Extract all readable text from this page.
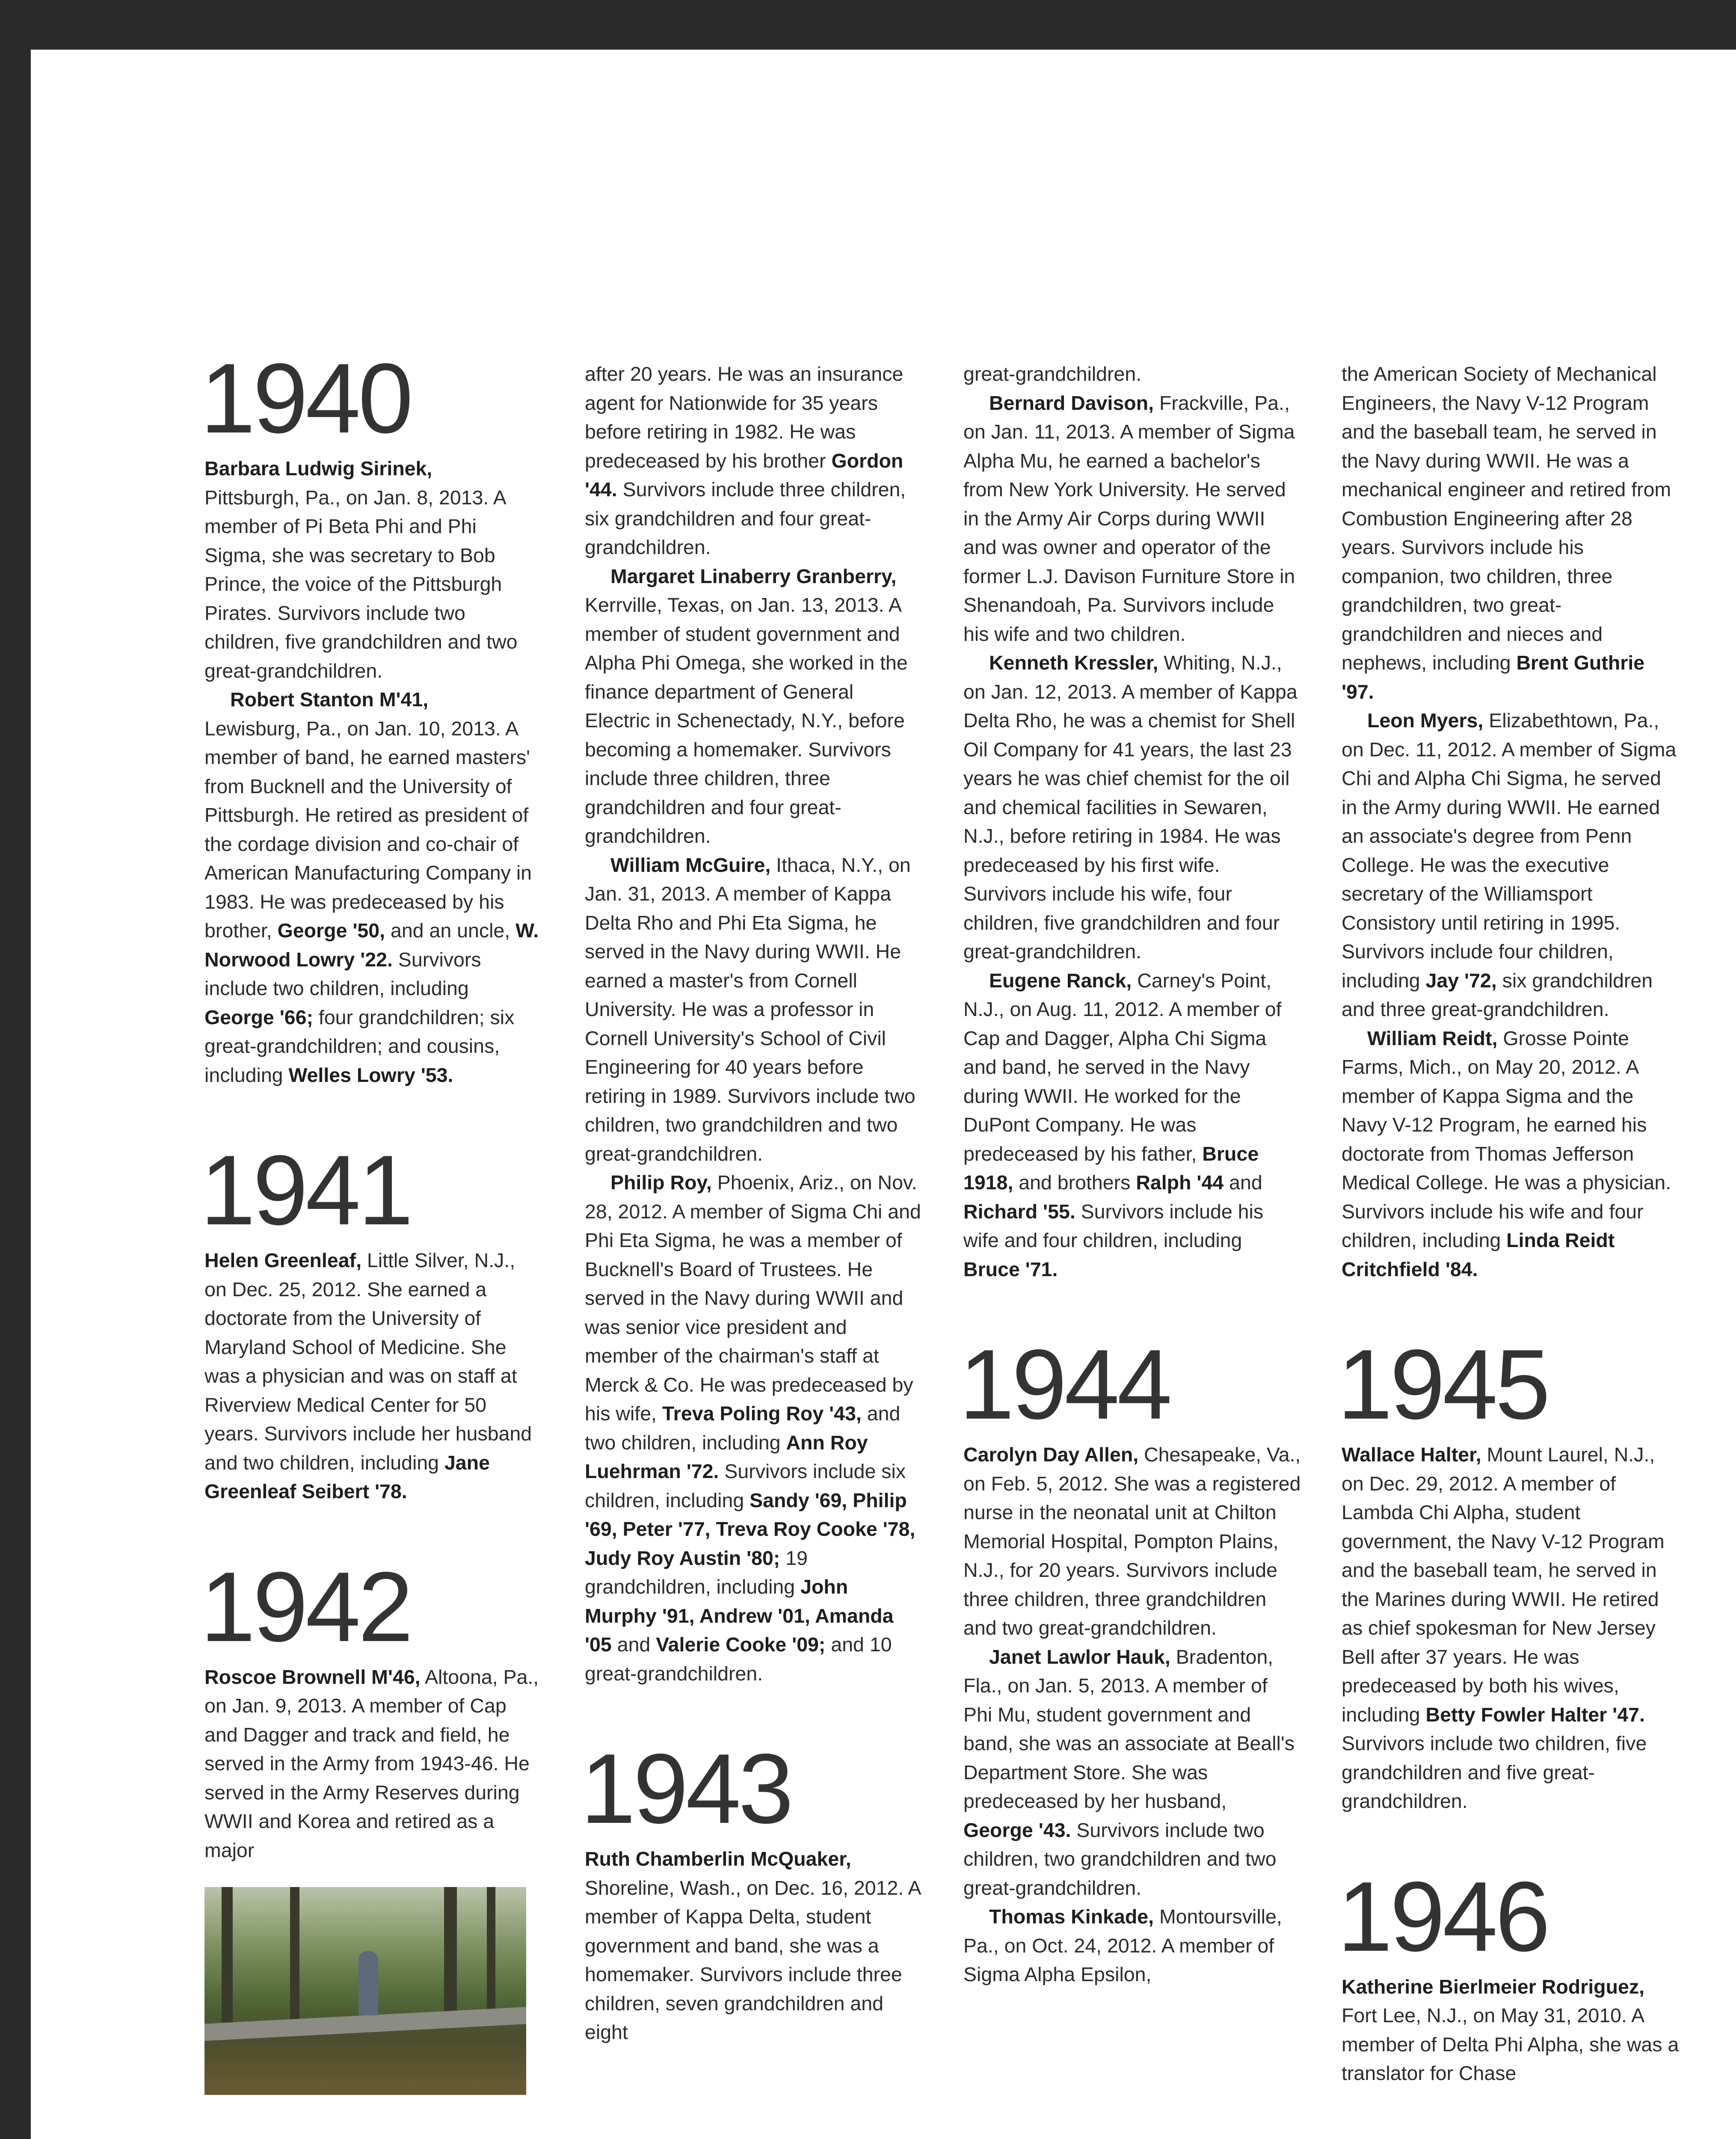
1940

Barbara Ludwig Sirinek,
Pittsburgh, Pa., on Jan. 8, 2013. A member of Pi Beta Phi and Phi Sigma, she was secretary to Bob Prince, the voice of the Pittsburgh Pirates. Survivors include two children, five grandchildren and two great-grandchildren.

Robert Stanton M'41,
Lewisburg, Pa., on Jan. 10, 2013. A member of band, he earned masters' from Bucknell and the University of Pittsburgh. He retired as president of the cordage division and co-chair of American Manufacturing Company in 1983. He was predeceased by his brother, George '50, and an uncle, W. Norwood Lowry '22. Survivors include two children, including George '66; four grandchildren; six great-grandchildren; and cousins, including Welles Lowry '53.

1941

Helen Greenleaf, Little Silver, N.J., on Dec. 25, 2012. She earned a doctorate from the University of Maryland School of Medicine. She was a physician and was on staff at Riverview Medical Center for 50 years. Survivors include her husband and two children, including Jane Greenleaf Seibert '78.

1942

Roscoe Brownell M'46, Altoona, Pa., on Jan. 9, 2013. A member of Cap and Dagger and track and field, he served in the Army from 1943-46. He served in the Army Reserves during WWII and Korea and retired as a major

after 20 years. He was an insurance agent for Nationwide for 35 years before retiring in 1982. He was predeceased by his brother Gordon '44. Survivors include three children, six grandchildren and four great-grandchildren.

Margaret Linaberry Granberry, Kerrville, Texas, on Jan. 13, 2013. A member of student government and Alpha Phi Omega, she worked in the finance department of General Electric in Schenectady, N.Y., before becoming a homemaker. Survivors include three children, three grandchildren and four great-grandchildren.

William McGuire, Ithaca, N.Y., on Jan. 31, 2013. A member of Kappa Delta Rho and Phi Eta Sigma, he served in the Navy during WWII. He earned a master's from Cornell University. He was a professor in Cornell University's School of Civil Engineering for 40 years before retiring in 1989. Survivors include two children, two grandchildren and two great-grandchildren.

Philip Roy, Phoenix, Ariz., on Nov. 28, 2012. A member of Sigma Chi and Phi Eta Sigma, he was a member of Bucknell's Board of Trustees. He served in the Navy during WWII and was senior vice president and member of the chairman's staff at Merck & Co. He was predeceased by his wife, Treva Poling Roy '43, and two children, including Ann Roy Luehrman '72. Survivors include six children, including Sandy '69, Philip '69, Peter '77, Treva Roy Cooke '78, Judy Roy Austin '80; 19 grandchildren, including John Murphy '91, Andrew '01, Amanda '05 and Valerie Cooke '09; and 10 great-grandchildren.

1943

Ruth Chamberlin McQuaker, Shoreline, Wash., on Dec. 16, 2012. A member of Kappa Delta, student government and band, she was a homemaker. Survivors include three children, seven grandchildren and eight

great-grandchildren.

Bernard Davison, Frackville, Pa., on Jan. 11, 2013. A member of Sigma Alpha Mu, he earned a bachelor's from New York University. He served in the Army Air Corps during WWII and was owner and operator of the former L.J. Davison Furniture Store in Shenandoah, Pa. Survivors include his wife and two children.

Kenneth Kressler, Whiting, N.J., on Jan. 12, 2013. A member of Kappa Delta Rho, he was a chemist for Shell Oil Company for 41 years, the last 23 years he was chief chemist for the oil and chemical facilities in Sewaren, N.J., before retiring in 1984. He was predeceased by his first wife. Survivors include his wife, four children, five grandchildren and four great-grandchildren.

Eugene Ranck, Carney's Point, N.J., on Aug. 11, 2012. A member of Cap and Dagger, Alpha Chi Sigma and band, he served in the Navy during WWII. He worked for the DuPont Company. He was predeceased by his father, Bruce 1918, and brothers Ralph '44 and Richard '55. Survivors include his wife and four children, including Bruce '71.

1944

Carolyn Day Allen, Chesapeake, Va., on Feb. 5, 2012. She was a registered nurse in the neonatal unit at Chilton Memorial Hospital, Pompton Plains, N.J., for 20 years. Survivors include three children, three grandchildren and two great-grandchildren.

Janet Lawlor Hauk, Bradenton, Fla., on Jan. 5, 2013. A member of Phi Mu, student government and band, she was an associate at Beall's Department Store. She was predeceased by her husband, George '43. Survivors include two children, two grandchildren and two great-grandchildren.

Thomas Kinkade, Montoursville, Pa., on Oct. 24, 2012. A member of Sigma Alpha Epsilon,

the American Society of Mechanical Engineers, the Navy V-12 Program and the baseball team, he served in the Navy during WWII. He was a mechanical engineer and retired from Combustion Engineering after 28 years. Survivors include his companion, two children, three grandchildren, two great-grandchildren and nieces and nephews, including Brent Guthrie '97.

Leon Myers, Elizabethtown, Pa., on Dec. 11, 2012. A member of Sigma Chi and Alpha Chi Sigma, he served in the Army during WWII. He earned an associate's degree from Penn College. He was the executive secretary of the Williamsport Consistory until retiring in 1995. Survivors include four children, including Jay '72, six grandchildren and three great-grandchildren.

William Reidt, Grosse Pointe Farms, Mich., on May 20, 2012. A member of Kappa Sigma and the Navy V-12 Program, he earned his doctorate from Thomas Jefferson Medical College. He was a physician. Survivors include his wife and four children, including Linda Reidt Critchfield '84.

1945

Wallace Halter, Mount Laurel, N.J., on Dec. 29, 2012. A member of Lambda Chi Alpha, student government, the Navy V-12 Program and the baseball team, he served in the Marines during WWII. He retired as chief spokesman for New Jersey Bell after 37 years. He was predeceased by both his wives, including Betty Fowler Halter '47. Survivors include two children, five grandchildren and five great-grandchildren.

1946

Katherine Bierlmeier Rodriguez, Fort Lee, N.J., on May 31, 2010. A member of Delta Phi Alpha, she was a translator for Chase
